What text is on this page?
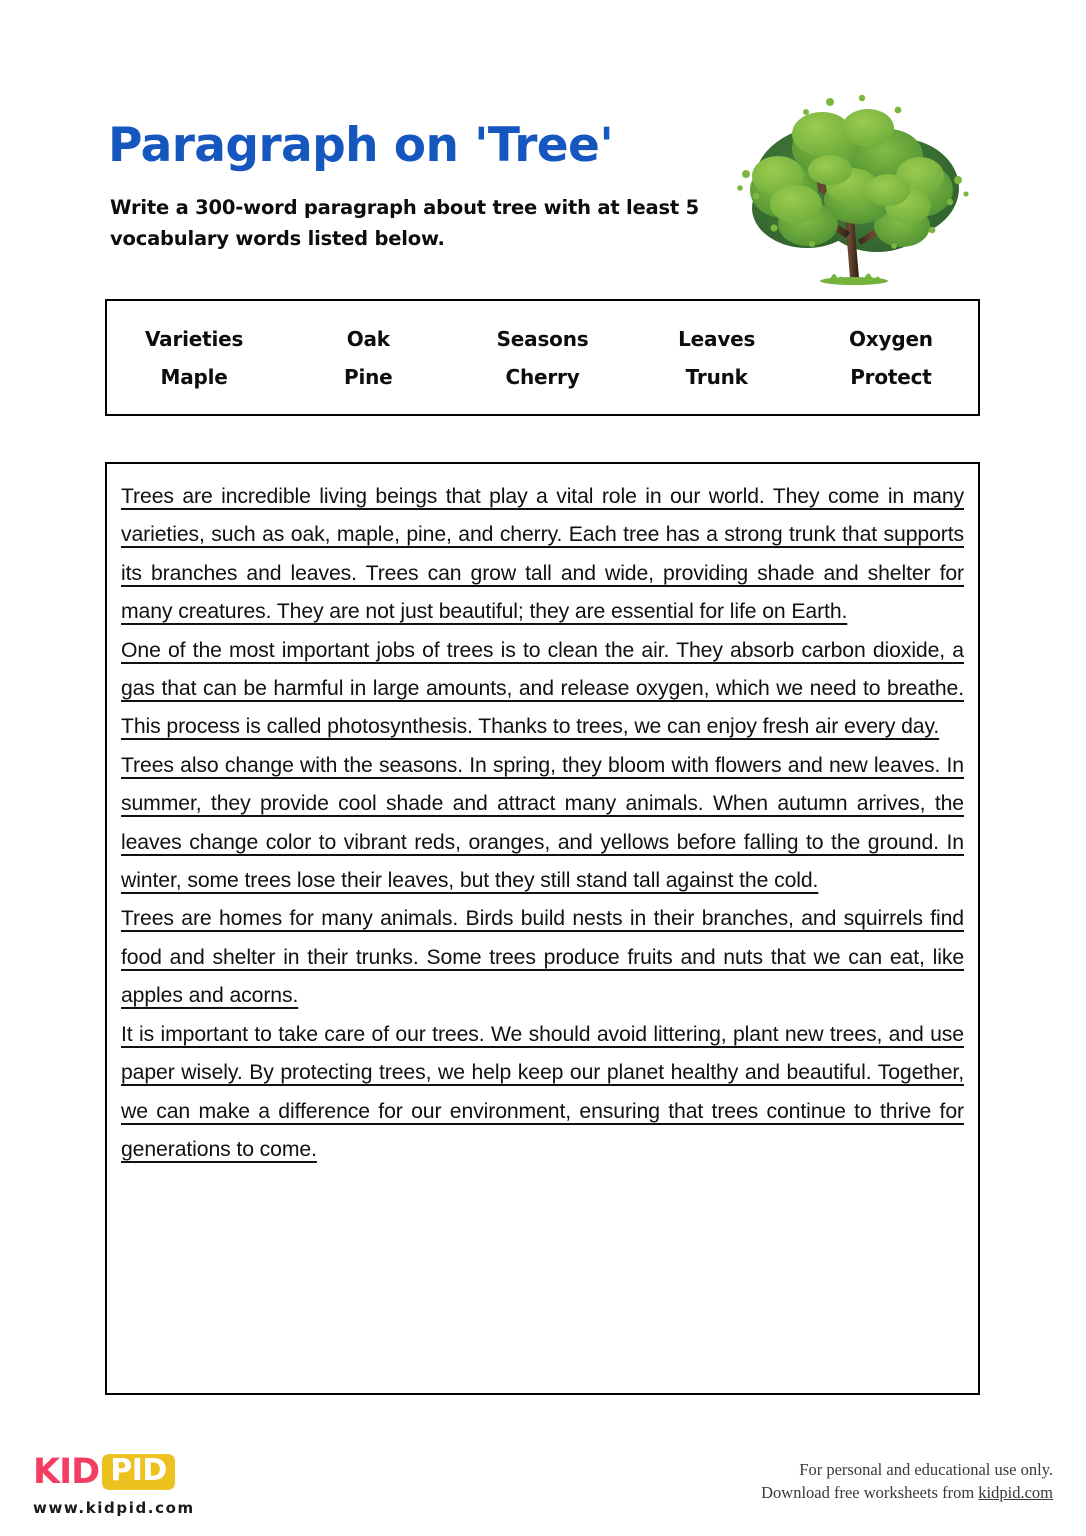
Paragraph on 'Tree'
Write a 300-word paragraph about tree with at least 5 vocabulary words listed below.
Varieties	Oak	Seasons	Leaves	Oxygen
Maple	Pine	Cherry	Trunk	Protect

Trees are incredible living beings that play a vital role in our world. They come in many varieties, such as oak, maple, pine, and cherry. Each tree has a strong trunk that supports its branches and leaves. Trees can grow tall and wide, providing shade and shelter for many creatures. They are not just beautiful; they are essential for life on Earth.

One of the most important jobs of trees is to clean the air. They absorb carbon dioxide, a gas that can be harmful in large amounts, and release oxygen, which we need to breathe. This process is called photosynthesis. Thanks to trees, we can enjoy fresh air every day.

Trees also change with the seasons. In spring, they bloom with flowers and new leaves. In summer, they provide cool shade and attract many animals. When autumn arrives, the leaves change color to vibrant reds, oranges, and yellows before falling to the ground. In winter, some trees lose their leaves, but they still stand tall against the cold.

Trees are homes for many animals. Birds build nests in their branches, and squirrels find food and shelter in their trunks. Some trees produce fruits and nuts that we can eat, like apples and acorns.

It is important to take care of our trees. We should avoid littering, plant new trees, and use paper wisely. By protecting trees, we help keep our planet healthy and beautiful. Together, we can make a difference for our environment, ensuring that trees continue to thrive for generations to come.

KID PID
www.kidpid.com
For personal and educational use only.
Download free worksheets from kidpid.com
